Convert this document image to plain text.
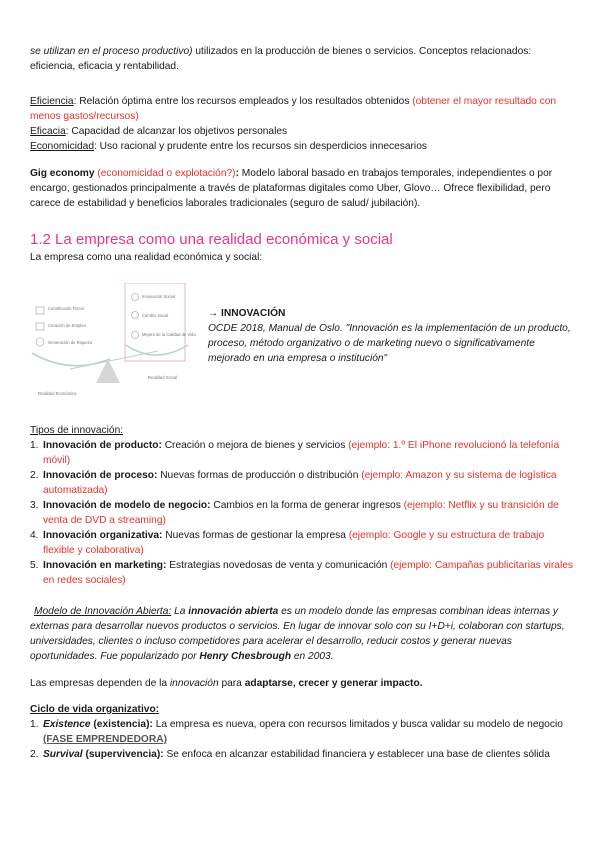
se utilizan en el proceso productivo) utilizados en la producción de bienes o servicios. Conceptos relacionados: eficiencia, eficacia y rentabilidad.

Eficiencia: Relación óptima entre los recursos empleados y los resultados obtenidos (obtener el mayor resultado con menos gastos/recursos)

Eficacia: Capacidad de alcanzar los objetivos personales

Economicidad: Uso racional y prudente entre los recursos sin desperdicios innecesarios

Gig economy (economicidad o explotación?): Modelo laboral basado en trabajos temporales, independientes o por encargo, gestionados principalmente a través de plataformas digitales como Uber, Glovo… Ofrece flexibilidad, pero carece de estabilidad y beneficios laborales tradicionales (seguro de salud/ jubilación).

1.2 La empresa como una realidad económica y social

La empresa como una realidad económica y social:

Contribución Fiscal
Creación de Empleo
Generación de Riqueza
Innovación Social
Cambio social
Mejora de la Calidad de Vida
Realidad Económica
Realidad Social

→ INNOVACIÓN

OCDE 2018, Manual de Oslo. "Innovación es la implementación de un producto, proceso, método organizativo o de marketing nuevo o significativamente mejorado en una empresa o institución"

Tipos de innovación:

1. Innovación de producto: Creación o mejora de bienes y servicios (ejemplo: 1.º El iPhone revolucionó la telefonía móvil)
2. Innovación de proceso: Nuevas formas de producción o distribución (ejemplo: Amazon y su sistema de logística automatizada)
3. Innovación de modelo de negocio: Cambios en la forma de generar ingresos (ejemplo: Netflix y su transición de venta de DVD a streaming)
4. Innovación organizativa: Nuevas formas de gestionar la empresa (ejemplo: Google y su estructura de trabajo flexible y colaborativa)
5. Innovación en marketing: Estrategias novedosas de venta y comunicación (ejemplo: Campañas publicitarias virales en redes sociales)

Modelo de Innovación Abierta: La innovación abierta es un modelo donde las empresas combinan ideas internas y externas para desarrollar nuevos productos o servicios. En lugar de innovar solo con su I+D+i, colaboran con startups, universidades, clientes o incluso competidores para acelerar el desarrollo, reducir costos y generar nuevas oportunidades. Fue popularizado por Henry Chesbrough en 2003.

Las empresas dependen de la innovación para adaptarse, crecer y generar impacto.

Ciclo de vida organizativo:

1. Existence (existencia): La empresa es nueva, opera con recursos limitados y busca validar su modelo de negocio (FASE EMPRENDEDORA)
2. Survival (supervivencia): Se enfoca en alcanzar estabilidad financiera y establecer una base de clientes sólida
